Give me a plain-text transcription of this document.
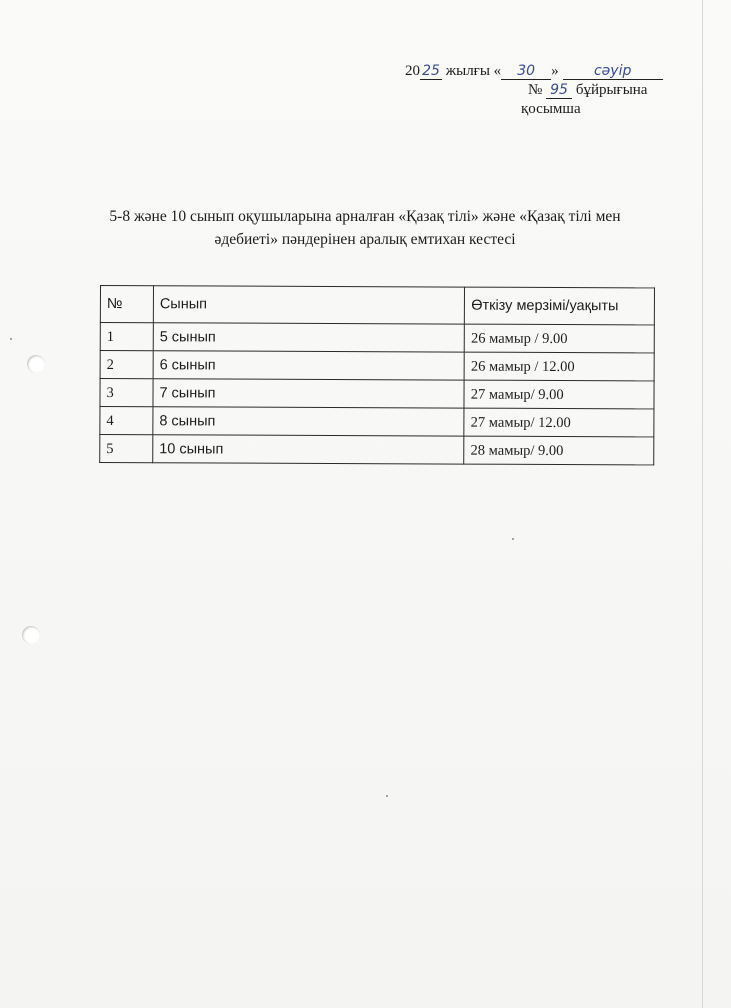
20 25 жылғы « 30 »	сәуір
№ 95 бұйрығына
қосымша
5-8 және 10 сынып оқушыларына арналған «Қазақ тілі» және «Қазақ тілі мен
әдебиеті» пәндерінен аралық емтихан кестесі
№	Сынып	Өткізу мерзімі/уақыты
1	5 сынып	26 мамыр / 9.00
2	6 сынып	26 мамыр / 12.00
3	7 сынып	27 мамыр/ 9.00
4	8 сынып	27 мамыр/ 12.00
5	10 сынып	28 мамыр/ 9.00
